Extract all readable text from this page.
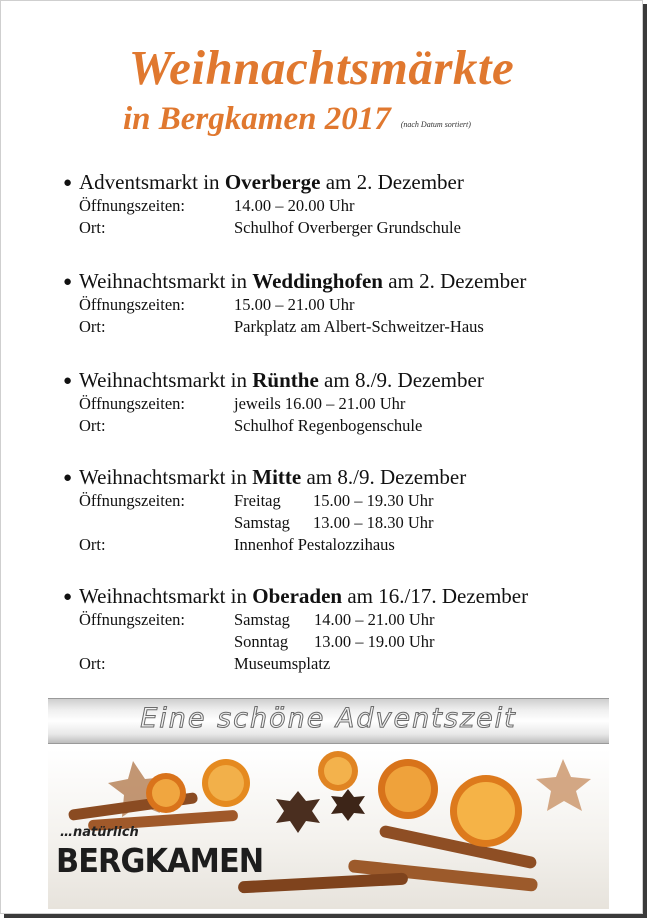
Weihnachtsmärkte
in Bergkamen 2017 (nach Datum sortiert)
● Adventsmarkt in Overberge am 2. Dezember
Öffnungszeiten:	14.00 – 20.00 Uhr
Ort:	Schulhof Overberger Grundschule
● Weihnachtsmarkt in Weddinghofen am 2. Dezember
Öffnungszeiten:	15.00 – 21.00 Uhr
Ort:	Parkplatz am Albert-Schweitzer-Haus
● Weihnachtsmarkt in Rünthe am 8./9. Dezember
Öffnungszeiten:	jeweils 16.00 – 21.00 Uhr
Ort:	Schulhof Regenbogenschule
● Weihnachtsmarkt in Mitte am 8./9. Dezember
Öffnungszeiten:	Freitag 15.00 – 19.30 Uhr
Samstag 13.00 – 18.30 Uhr
Ort:	Innenhof Pestalozzihaus
● Weihnachtsmarkt in Oberaden am 16./17. Dezember
Öffnungszeiten:	Samstag 14.00 – 21.00 Uhr
Sonntag 13.00 – 19.00 Uhr
Ort:	Museumsplatz
Eine schöne Adventszeit
…natürlich
BERGKAMEN
